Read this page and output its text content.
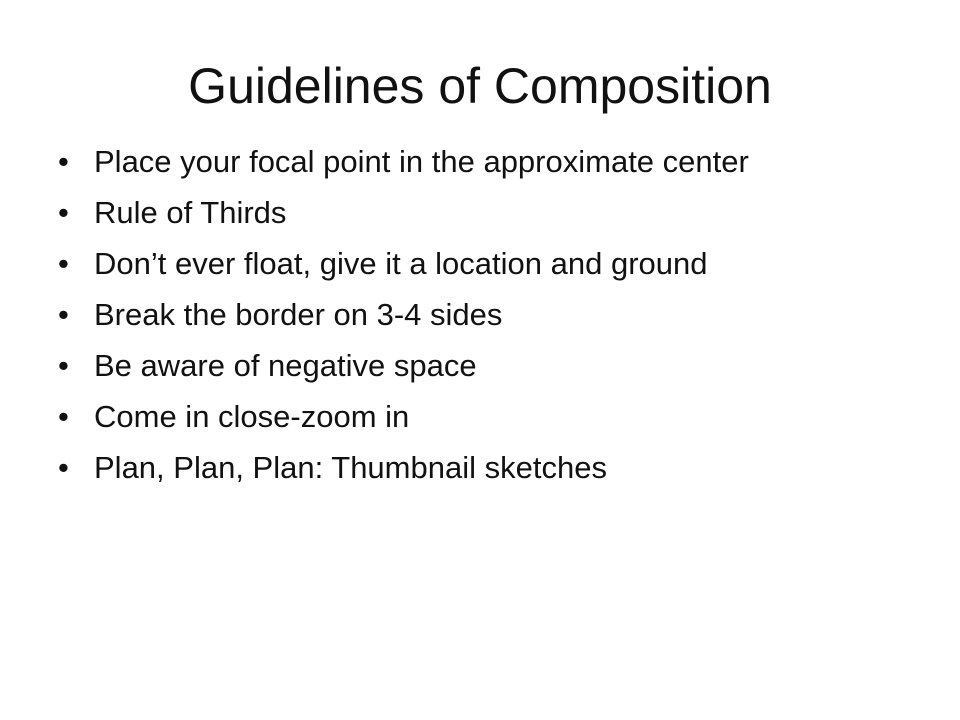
Guidelines of Composition
• Place your focal point in the approximate center
• Rule of Thirds
• Don’t ever float, give it a location and ground
• Break the border on 3-4 sides
• Be aware of negative space
• Come in close-zoom in
• Plan, Plan, Plan: Thumbnail sketches
